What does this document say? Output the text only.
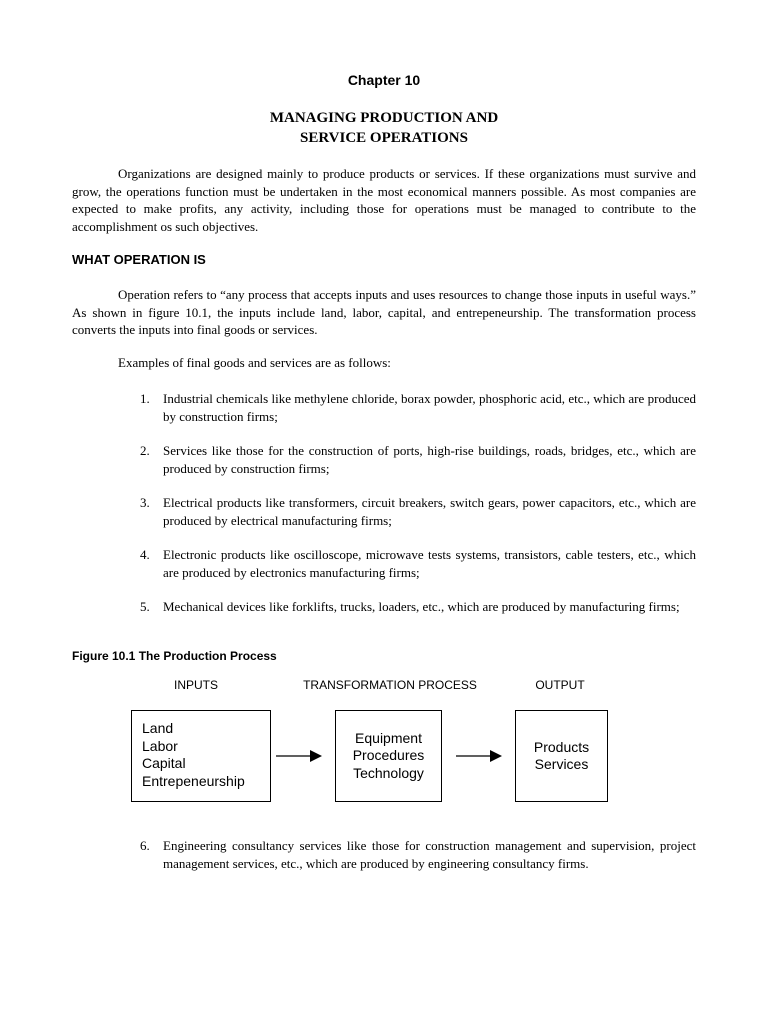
Chapter 10
MANAGING PRODUCTION AND
SERVICE OPERATIONS
Organizations are designed mainly to produce products or services. If these organizations must survive and grow, the operations function must be undertaken in the most economical manners possible. As most companies are expected to make profits, any activity, including those for operations must be managed to contribute to the accomplishment os such objectives.
WHAT OPERATION IS
Operation refers to “any process that accepts inputs and uses resources to change those inputs in useful ways.” As shown in figure 10.1, the inputs include land, labor, capital, and entrepeneurship. The transformation process converts the inputs into final goods or services.
Examples of final goods and services are as follows:
1. Industrial chemicals like methylene chloride, borax powder, phosphoric acid, etc., which are produced by construction firms;
2. Services like those for the construction of ports, high-rise buildings, roads, bridges, etc., which are produced by construction firms;
3. Electrical products like transformers, circuit breakers, switch gears, power capacitors, etc., which are produced by electrical manufacturing firms;
4. Electronic products like oscilloscope, microwave tests systems, transistors, cable testers, etc., which are produced by electronics manufacturing firms;
5. Mechanical devices like forklifts, trucks, loaders, etc., which are produced by manufacturing firms;
Figure 10.1 The Production Process
INPUTS	TRANSFORMATION PROCESS	OUTPUT
Land
Labor
Capital
Entrepeneurship
Equipment
Procedures
Technology
Products
Services
6. Engineering consultancy services like those for construction management and supervision, project management services, etc., which are produced by engineering consultancy firms.
